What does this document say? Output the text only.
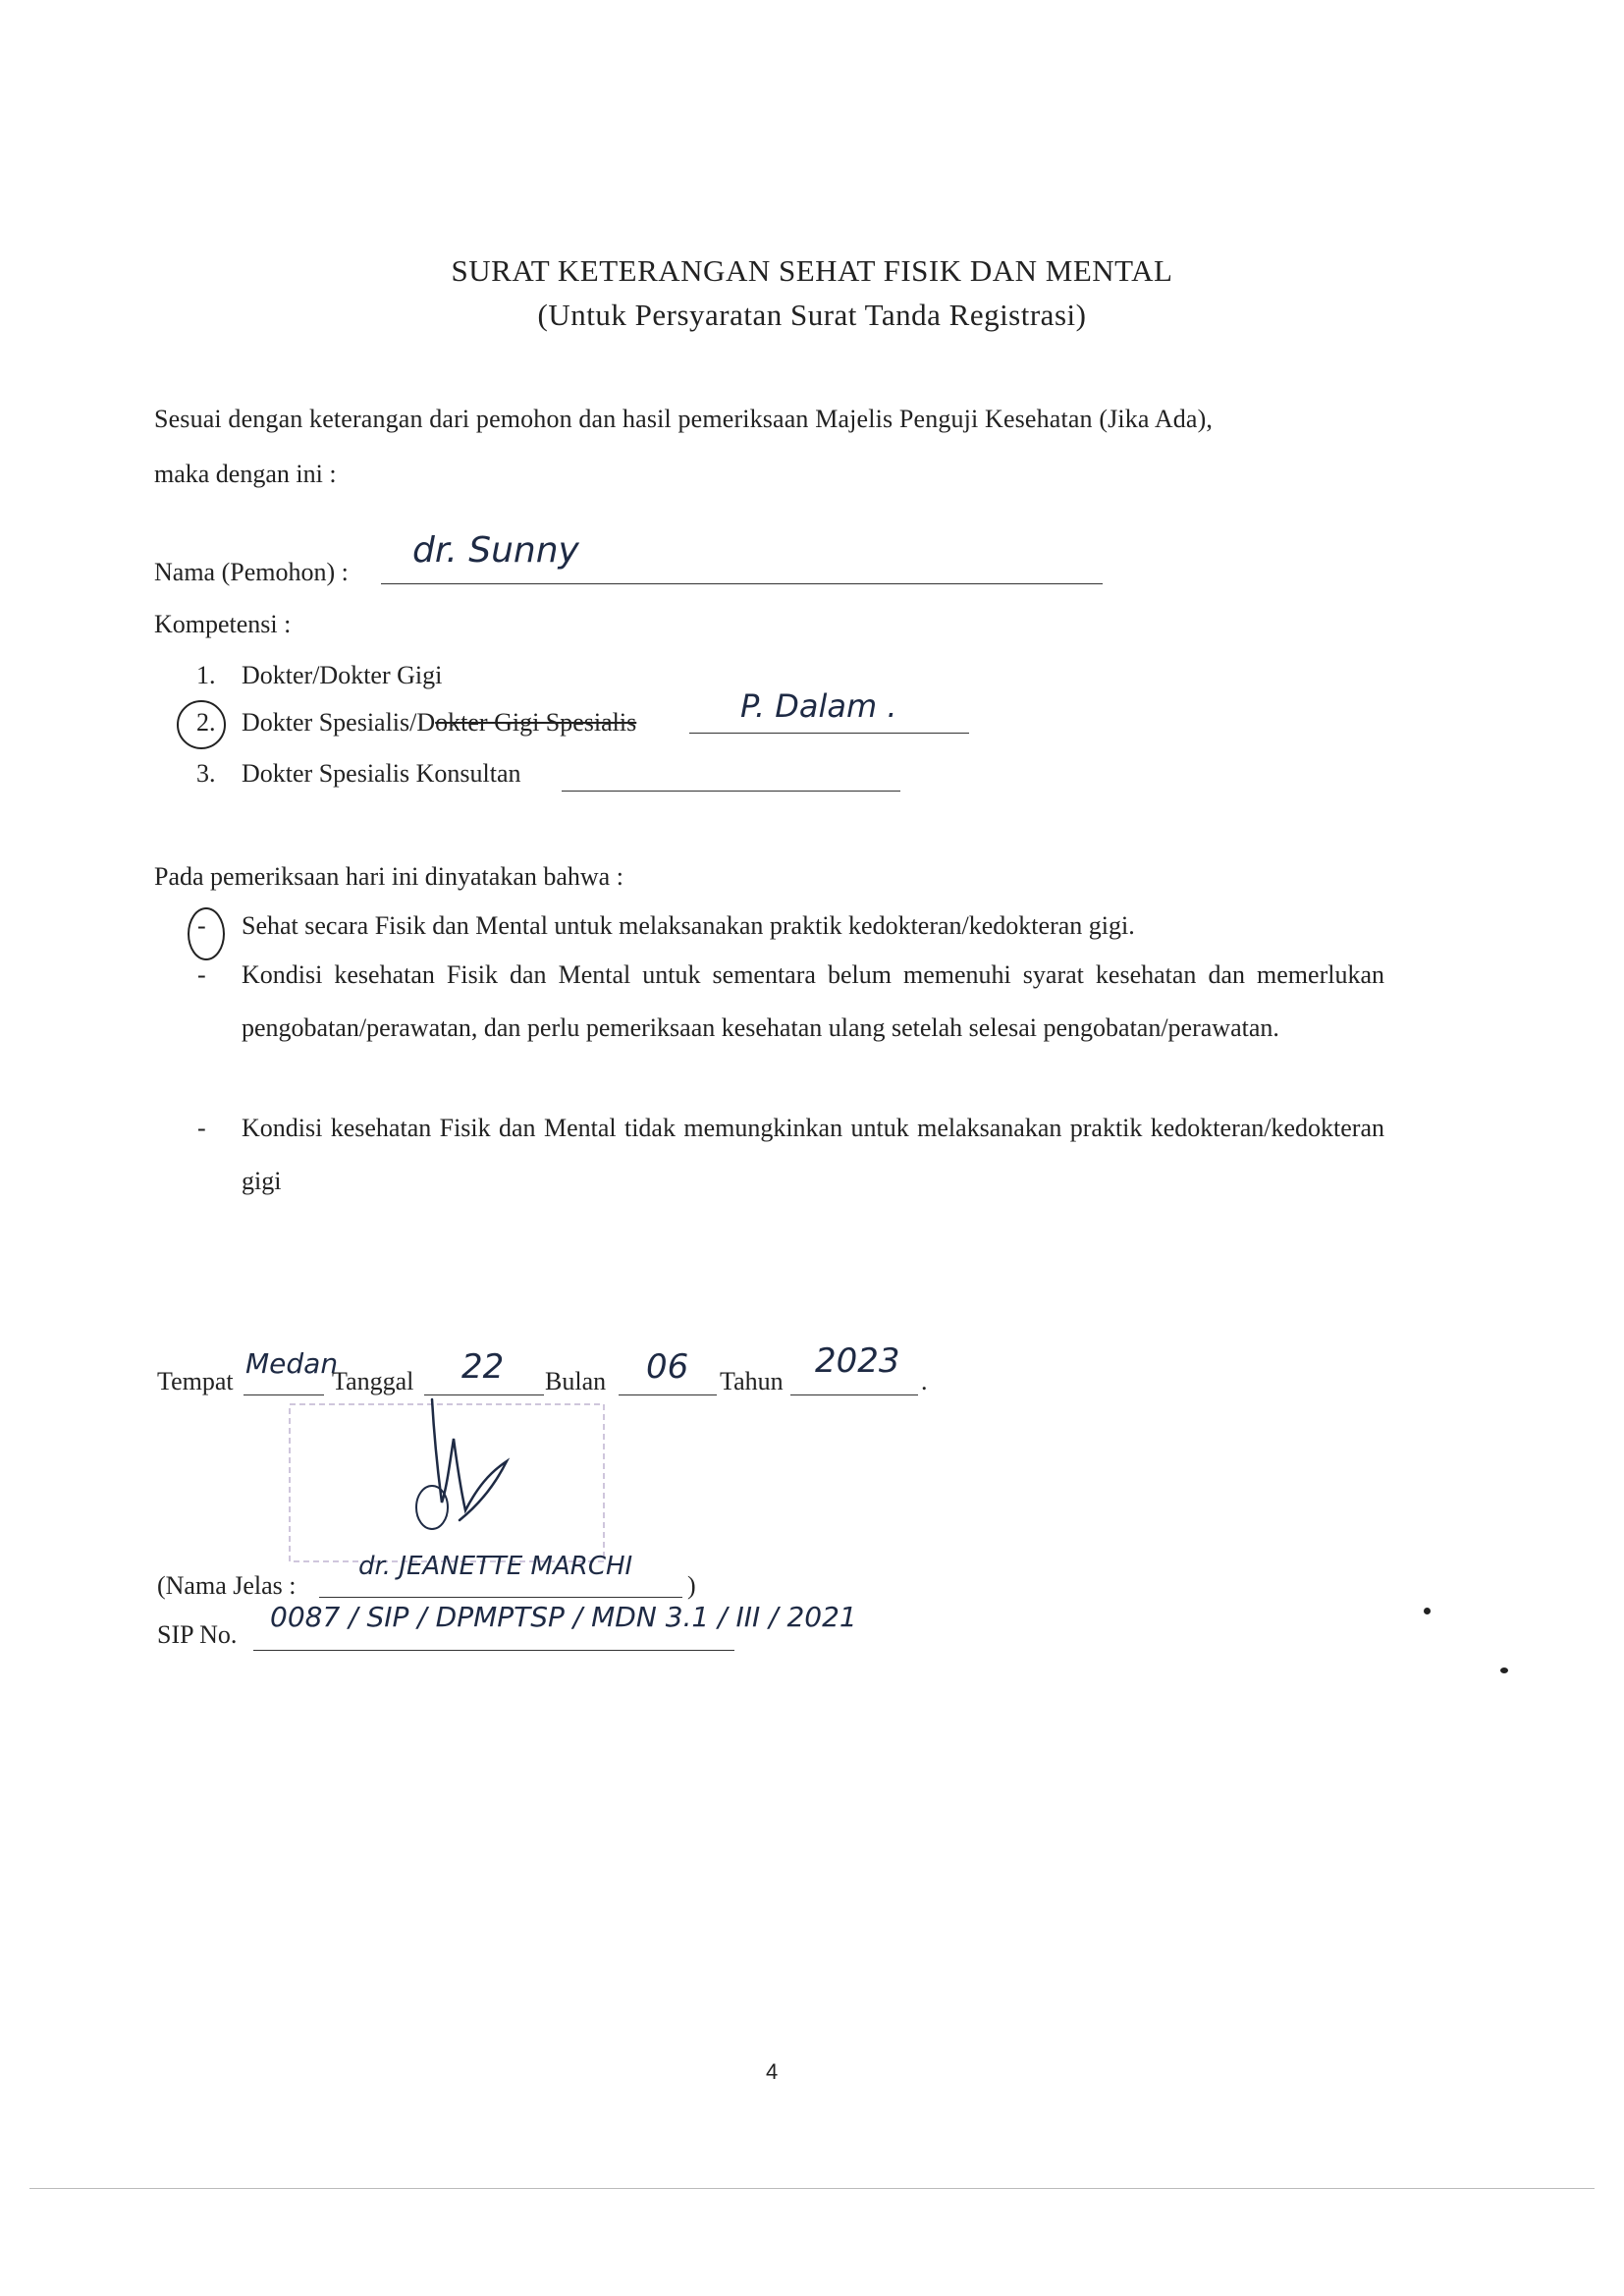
SURAT KETERANGAN SEHAT FISIK DAN MENTAL
(Untuk Persyaratan Surat Tanda Registrasi)
Sesuai dengan keterangan dari pemohon dan hasil pemeriksaan Majelis Penguji Kesehatan (Jika Ada),
maka dengan ini :
Nama (Pemohon) :
dr. Sunny
Kompetensi :
1. Dokter/Dokter Gigi
2. Dokter Spesialis/Dokter Gigi Spesialis	P. Dalam .
3. Dokter Spesialis Konsultan
Pada pemeriksaan hari ini dinyatakan bahwa :
- Sehat secara Fisik dan Mental untuk melaksanakan praktik kedokteran/kedokteran gigi.
- Kondisi kesehatan Fisik dan Mental untuk sementara belum memenuhi syarat kesehatan dan memerlukan pengobatan/perawatan, dan perlu pemeriksaan kesehatan ulang setelah selesai pengobatan/perawatan.
- Kondisi kesehatan Fisik dan Mental tidak memungkinkan untuk melaksanakan praktik kedokteran/kedokteran gigi
Tempat
Medan
Tanggal 22 Bulan 06 Tahun
2023
.
(Nama Jelas :
dr. JEANETTE MARCHI
)
SIP No.
0087 / SIP / DPMPTSP / MDN 3.1 / III / 2021
4
